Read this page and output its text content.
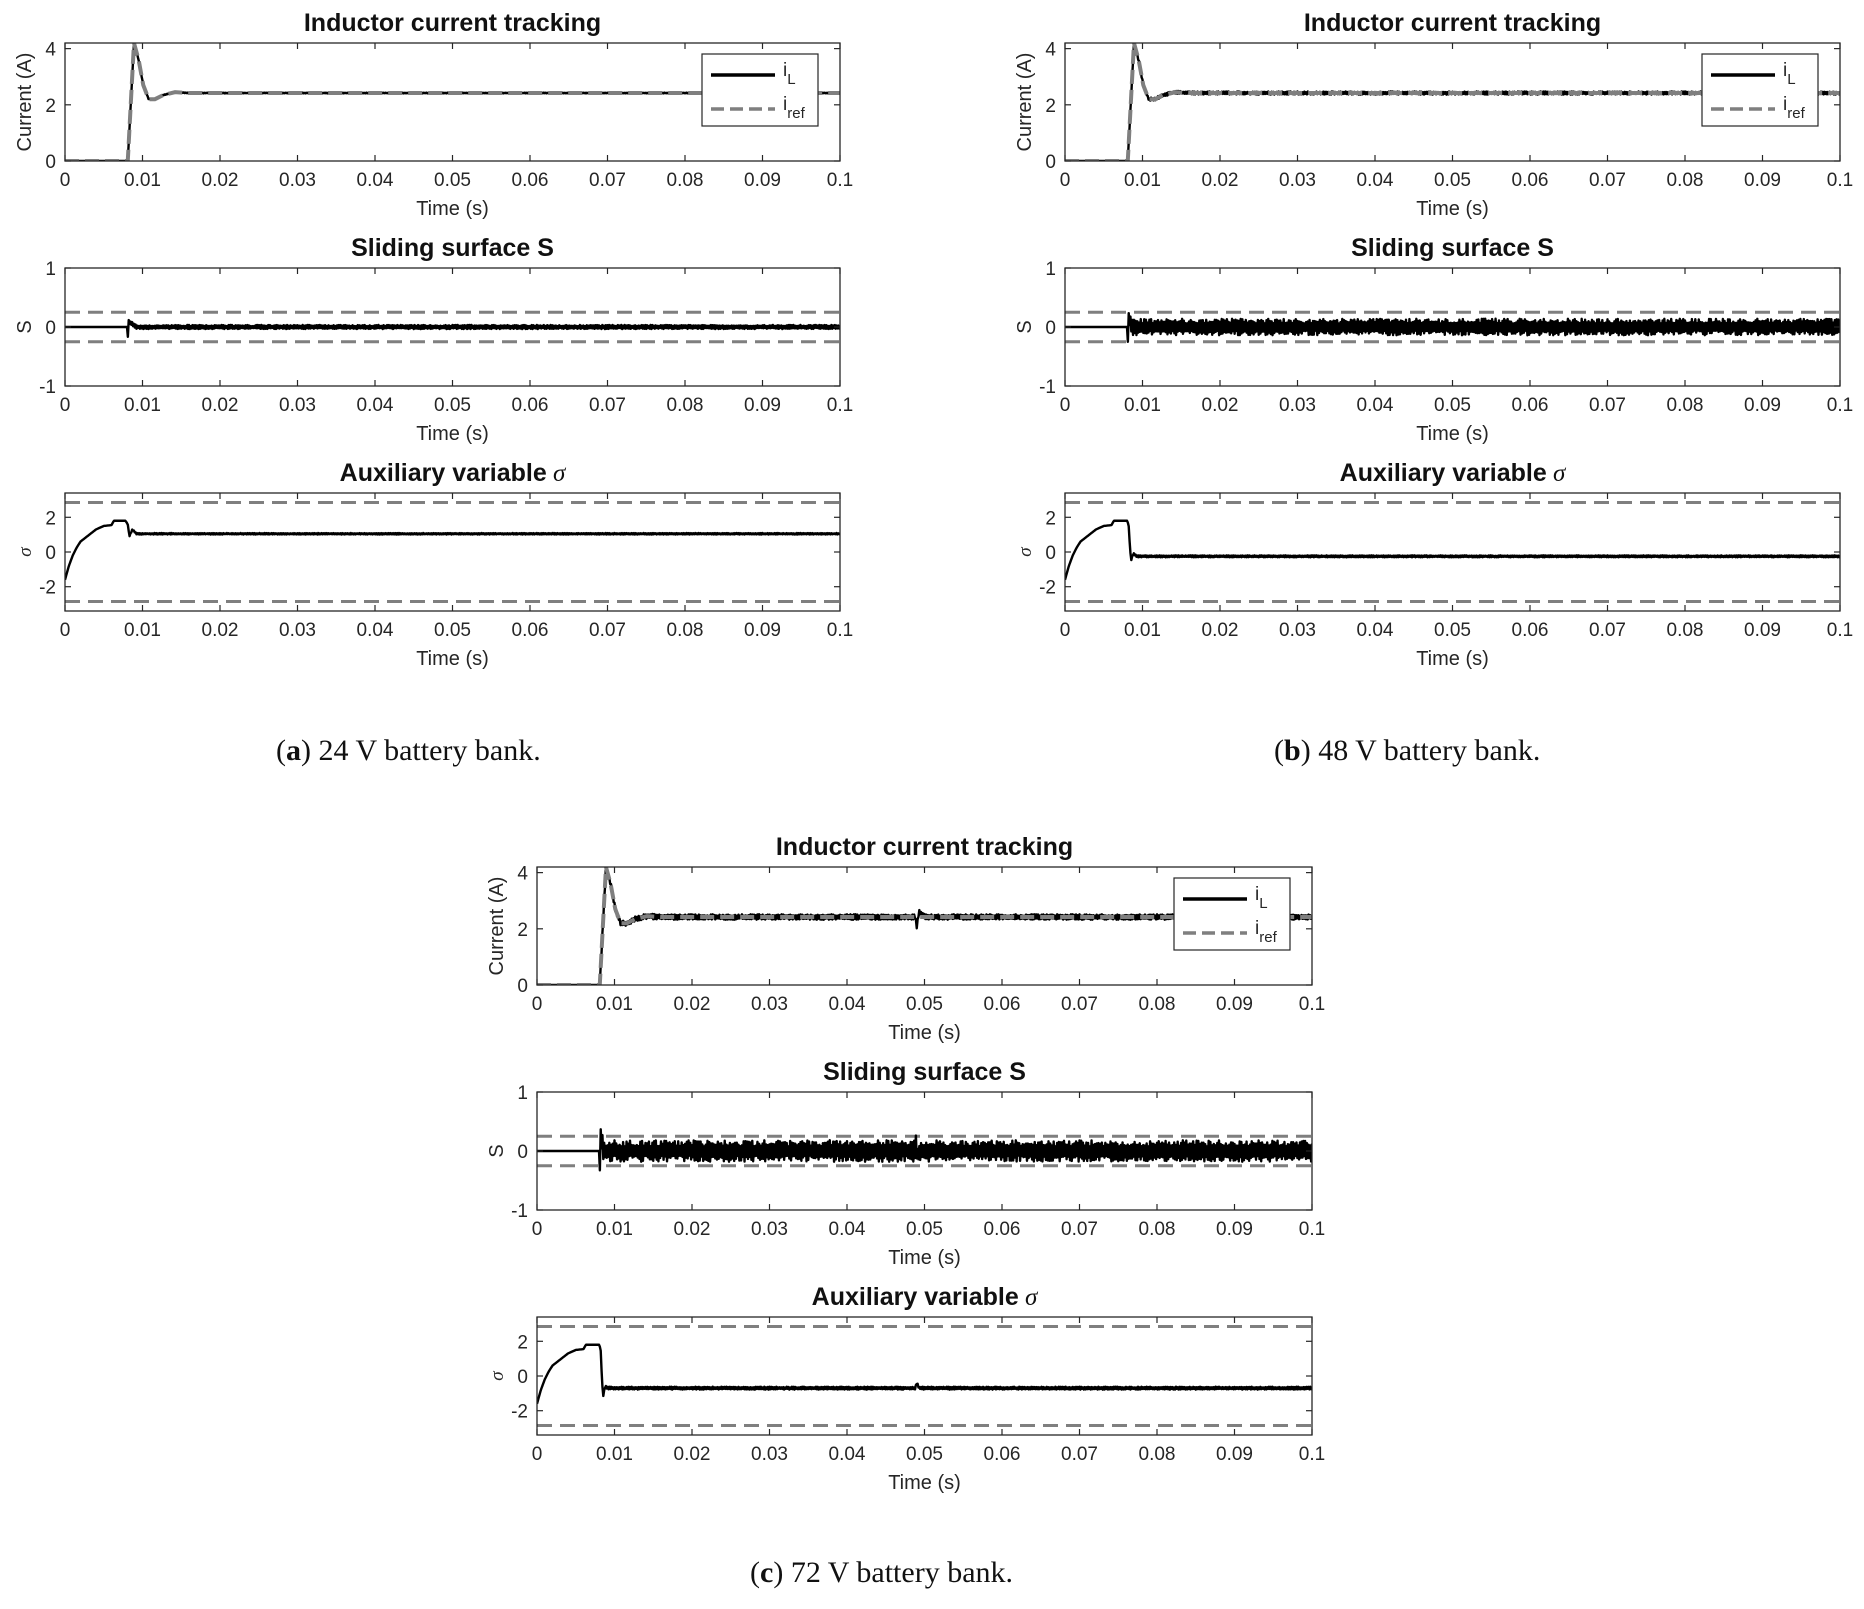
0	0.01 0.02 0.03 0.04 0.05 0.06 0.07 0.08 0.09 0.1
0
2
4
Time (s)
Current (A)
Inductor current tracking
$i_L$
$i_{ref}$
0	0.01 0.02 0.03 0.04 0.05 0.06 0.07 0.08 0.09 0.1
-1
0
1
Time (s)
S
Sliding surface S
0	0.01 0.02 0.03 0.04 0.05 0.06 0.07 0.08 0.09 0.1
-2
0
2
Time (s)
σ
Auxiliary variable σ
0	0.01 0.02 0.03 0.04 0.05 0.06 0.07 0.08 0.09 0.1
0
2
4
Time (s)
Current (A)
Inductor current tracking
$i_L$
$i_{ref}$
0	0.01 0.02 0.03 0.04 0.05 0.06 0.07 0.08 0.09 0.1
-1
0
1
Time (s)
S
Sliding surface S
0	0.01 0.02 0.03 0.04 0.05 0.06 0.07 0.08 0.09 0.1
-2
0
2
Time (s)
σ
Auxiliary variable σ
0	0.01 0.02 0.03 0.04 0.05 0.06 0.07 0.08 0.09 0.1
0
2
4
Time (s)
Current (A)
Inductor current tracking
$i_L$
$i_{ref}$
0	0.01 0.02 0.03 0.04 0.05 0.06 0.07 0.08 0.09 0.1
-1
0
1
Time (s)
S
Sliding surface S
0	0.01 0.02 0.03 0.04 0.05 0.06 0.07 0.08 0.09 0.1
-2
0
2
Time (s)
σ
Auxiliary variable σ
(a) 24 V battery bank.	(b) 48 V battery bank.
(c) 72 V battery bank.
